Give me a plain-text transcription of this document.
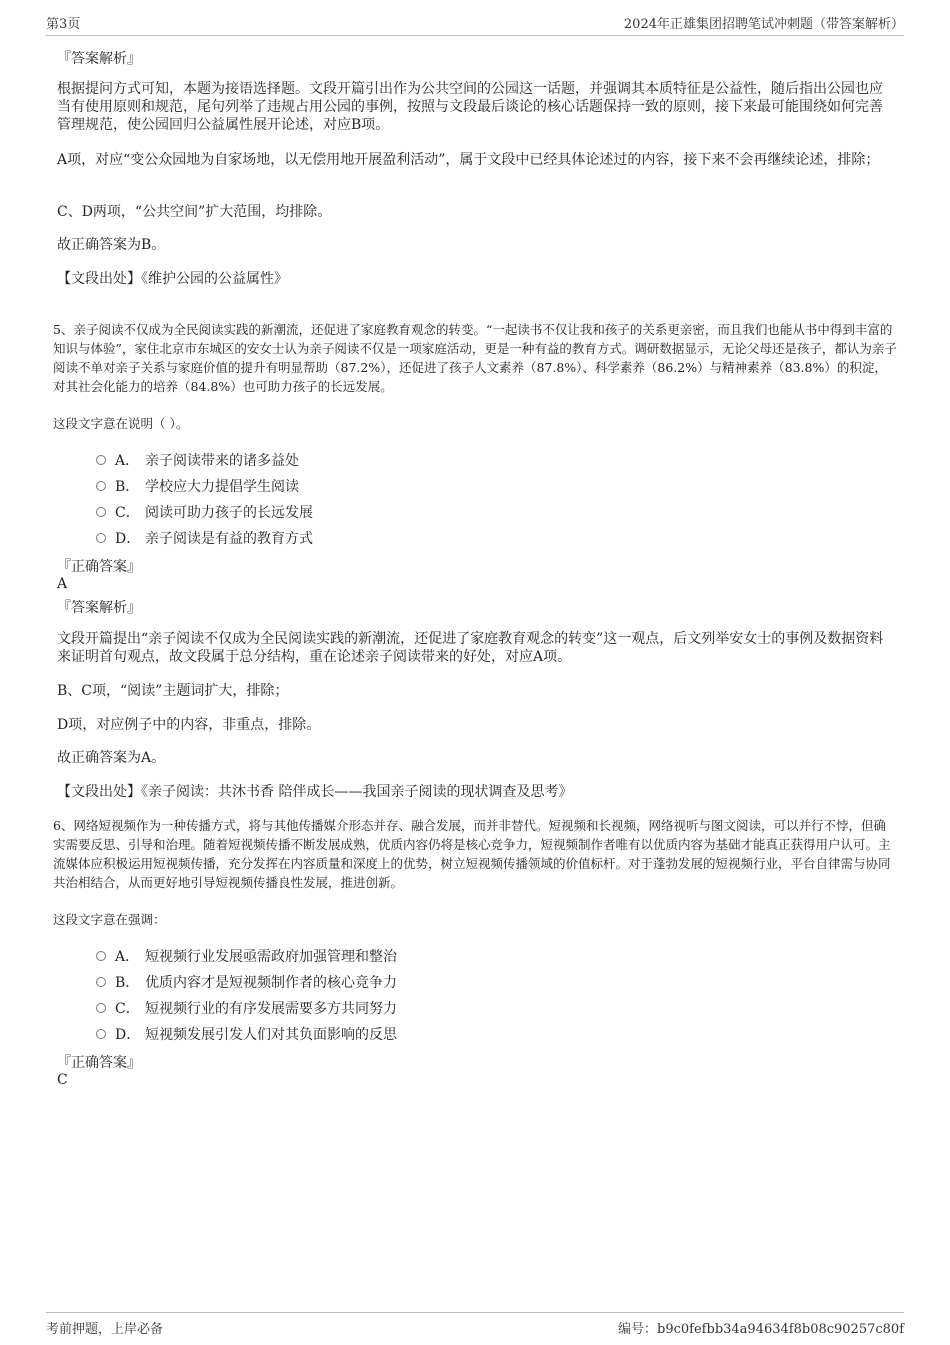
第3页	2024年正雄集团招聘笔试冲刺题（带答案解析）
『答案解析』
根据提问方式可知，本题为接语选择题。文段开篇引出作为公共空间的公园这一话题，并强调其本质特征是公益性，随后指出公园也应当有使用原则和规范，尾句列举了违规占用公园的事例，按照与文段最后谈论的核心话题保持一致的原则，接下来最可能围绕如何完善管理规范，使公园回归公益属性展开论述，对应B项。
A项，对应“变公众园地为自家场地，以无偿用地开展盈利活动”，属于文段中已经具体论述过的内容，接下来不会再继续论述，排除；
C、D两项，“公共空间”扩大范围，均排除。
故正确答案为B。
【文段出处】《维护公园的公益属性》
5、亲子阅读不仅成为全民阅读实践的新潮流，还促进了家庭教育观念的转变。“一起读书不仅让我和孩子的关系更亲密，而且我们也能从书中得到丰富的知识与体验”，家住北京市东城区的安女士认为亲子阅读不仅是一项家庭活动，更是一种有益的教育方式。调研数据显示，无论父母还是孩子，都认为亲子阅读不单对亲子关系与家庭价值的提升有明显帮助（87.2%），还促进了孩子人文素养（87.8%）、科学素养（86.2%）与精神素养（83.8%）的积淀，对其社会化能力的培养（84.8%）也可助力孩子的长远发展。
这段文字意在说明（ ）。
A． 亲子阅读带来的诸多益处
B． 学校应大力提倡学生阅读
C． 阅读可助力孩子的长远发展
D． 亲子阅读是有益的教育方式
『正确答案』
A
『答案解析』
文段开篇提出“亲子阅读不仅成为全民阅读实践的新潮流，还促进了家庭教育观念的转变”这一观点，后文列举安女士的事例及数据资料来证明首句观点，故文段属于总分结构，重在论述亲子阅读带来的好处，对应A项。
B、C项，“阅读”主题词扩大，排除；
D项，对应例子中的内容，非重点，排除。
故正确答案为A。
【文段出处】《亲子阅读：共沐书香 陪伴成长——我国亲子阅读的现状调查及思考》
6、网络短视频作为一种传播方式，将与其他传播媒介形态并存、融合发展，而并非替代。短视频和长视频，网络视听与图文阅读，可以并行不悖，但确实需要反思、引导和治理。随着短视频传播不断发展成熟，优质内容仍将是核心竞争力，短视频制作者唯有以优质内容为基础才能真正获得用户认可。主流媒体应积极运用短视频传播，充分发挥在内容质量和深度上的优势，树立短视频传播领域的价值标杆。对于蓬勃发展的短视频行业，平台自律需与协同共治相结合，从而更好地引导短视频传播良性发展，推进创新。
这段文字意在强调：
A． 短视频行业发展亟需政府加强管理和整治
B． 优质内容才是短视频制作者的核心竞争力
C． 短视频行业的有序发展需要多方共同努力
D． 短视频发展引发人们对其负面影响的反思
『正确答案』
C
考前押题，上岸必备	编号：b9c0fefbb34a94634f8b08c90257c80f
